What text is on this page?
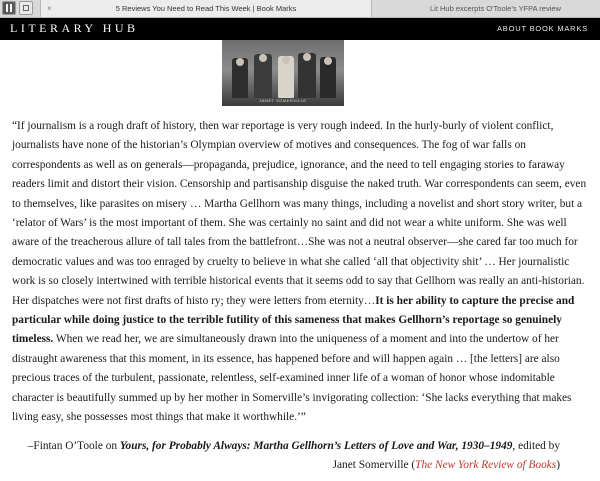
×	5 Reviews You Need to Read This Week | Book Marks	Lit Hub excerpts O'Toole's YFPA review
LITERARY HUB	ABOUT BOOK MARKS
JANET SOMERVILLE
“If journalism is a rough draft of history, then war reportage is very rough indeed. In the hurly-burly of violent conflict, journalists have none of the historian’s Olympian overview of motives and consequences. The fog of war falls on correspondents as well as on generals—propaganda, prejudice, ignorance, and the need to tell engaging stories to faraway readers limit and distort their vision. Censorship and partisanship disguise the naked truth. War correspondents can seem, even to themselves, like parasites on misery … Martha Gellhorn was many things, including a novelist and short story writer, but a ‘relator of Wars’ is the most important of them. She was certainly no saint and did not wear a white uniform. She was well aware of the treacherous allure of tall tales from the battlefront…She was not a neutral observer—she cared far too much for democratic values and was too enraged by cruelty to believe in what she called ‘all that objectivity shit’ … Her journalistic work is so closely intertwined with terrible historical events that it seems odd to say that Gellhorn was really an anti-historian. Her dispatches were not first drafts of histo ry; they were letters from eternity…It is her ability to capture the precise and particular while doing justice to the terrible futility of this sameness that makes Gellhorn’s reportage so genuinely timeless. When we read her, we are simultaneously drawn into the uniqueness of a moment and into the undertow of her distraught awareness that this moment, in its essence, has happened before and will happen again … [the letters] are also precious traces of the turbulent, passionate, relentless, self-examined inner life of a woman of honor whose indomitable character is beautifully summed up by her mother in Somerville’s invigorating collection: ‘She lacks everything that makes living easy, she possesses most things that make it worthwhile.’”
–Fintan O’Toole on Yours, for Probably Always: Martha Gellhorn’s Letters of Love and War, 1930–1949, edited by Janet Somerville (The New York Review of Books)
